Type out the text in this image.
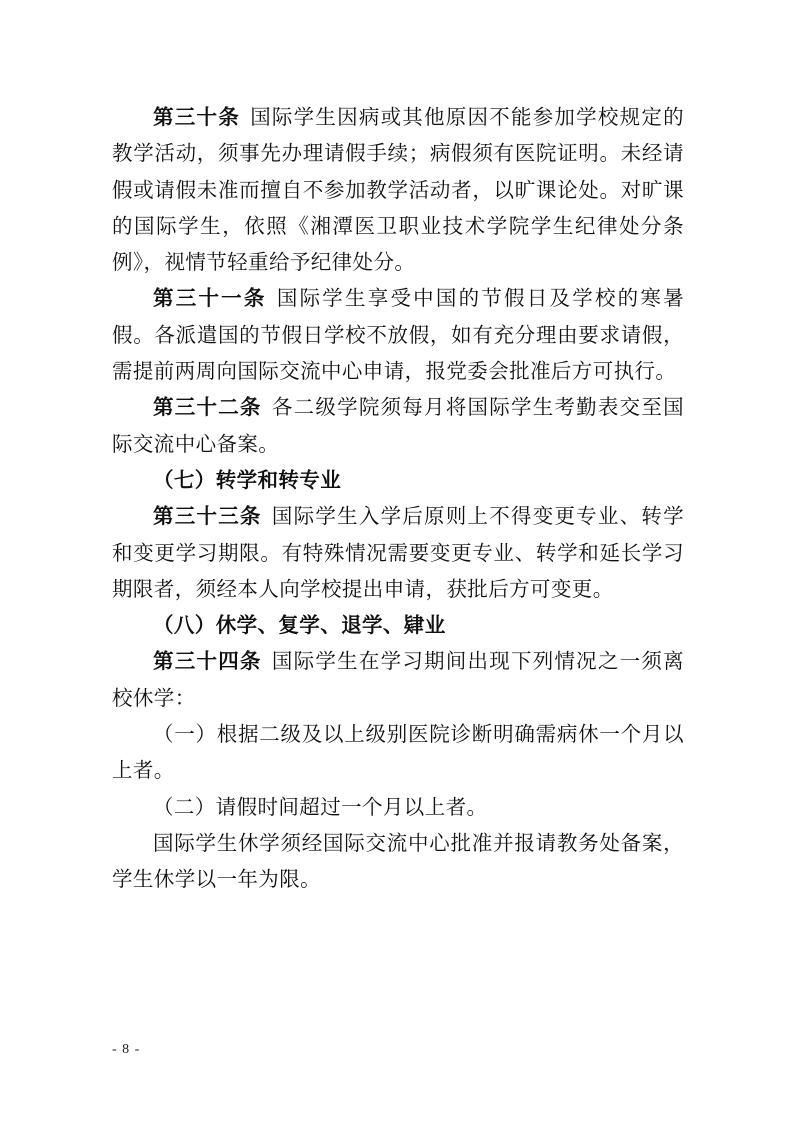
第三十条 国际学生因病或其他原因不能参加学校规定的教学活动，须事先办理请假手续；病假须有医院证明。未经请假或请假未准而擅自不参加教学活动者，以旷课论处。对旷课的国际学生，依照《湘潭医卫职业技术学院学生纪律处分条例》，视情节轻重给予纪律处分。

第三十一条 国际学生享受中国的节假日及学校的寒暑假。各派遣国的节假日学校不放假，如有充分理由要求请假，需提前两周向国际交流中心申请，报党委会批准后方可执行。

第三十二条 各二级学院须每月将国际学生考勤表交至国际交流中心备案。

（七）转学和转专业

第三十三条 国际学生入学后原则上不得变更专业、转学和变更学习期限。有特殊情况需要变更专业、转学和延长学习期限者，须经本人向学校提出申请，获批后方可变更。

（八）休学、复学、退学、肄业

第三十四条 国际学生在学习期间出现下列情况之一须离校休学：

（一）根据二级及以上级别医院诊断明确需病休一个月以上者。

（二）请假时间超过一个月以上者。

国际学生休学须经国际交流中心批准并报请教务处备案，学生休学以一年为限。

- 8 -
